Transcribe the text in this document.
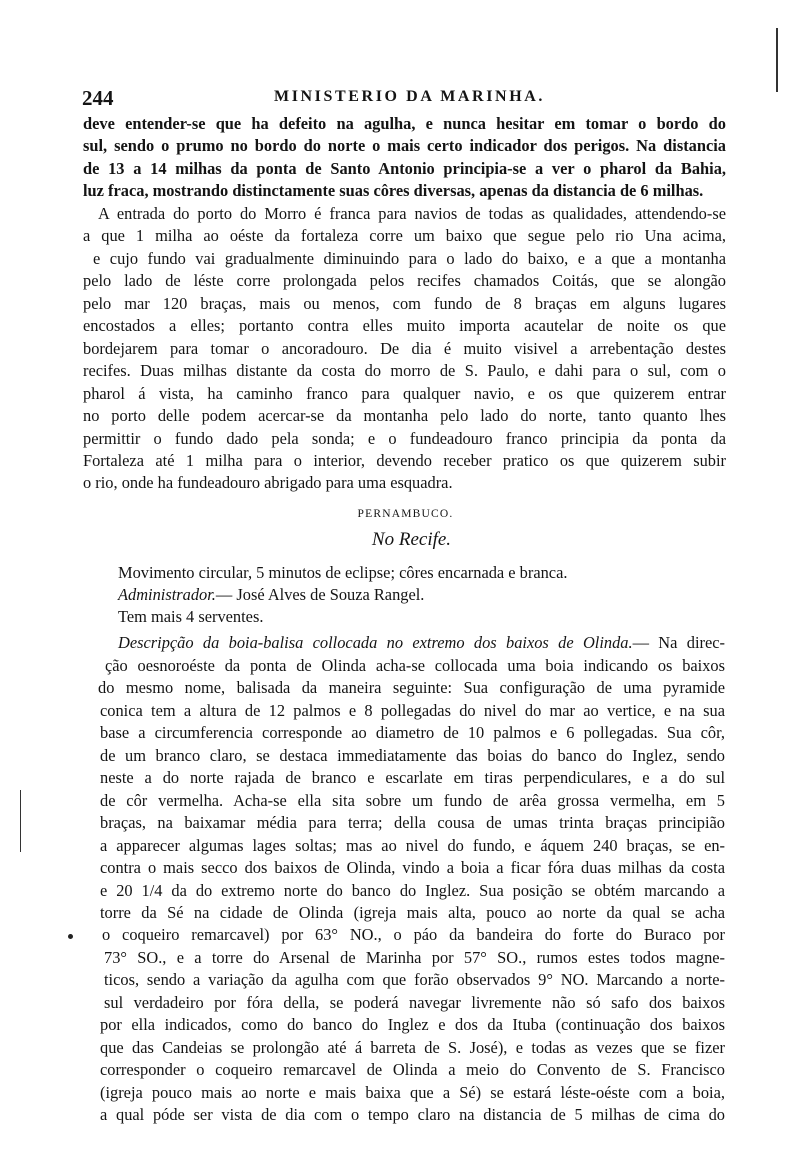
244	MINISTERIO DA MARINHA.
deve entender-se que ha defeito na agulha, e nunca hesitar em tomar o bordo do
sul, sendo o prumo no bordo do norte o mais certo indicador dos perigos. Na distancia
de 13 a 14 milhas da ponta de Santo Antonio principia-se a ver o pharol da Bahia,
luz fraca, mostrando distinctamente suas côres diversas, apenas da distancia de 6 milhas.
A entrada do porto do Morro é franca para navios de todas as qualidades, attendendo-se
a que 1 milha ao oéste da fortaleza corre um baixo que segue pelo rio Una acima,
e cujo fundo vai gradualmente diminuindo para o lado do baixo, e a que a montanha
pelo lado de léste corre prolongada pelos recifes chamados Coitás, que se alongão
pelo mar 120 braças, mais ou menos, com fundo de 8 braças em alguns lugares
encostados a elles; portanto contra elles muito importa acautelar de noite os que
bordejarem para tomar o ancoradouro. De dia é muito visivel a arrebentação destes
recifes. Duas milhas distante da costa do morro de S. Paulo, e dahi para o sul, com o
pharol á vista, ha caminho franco para qualquer navio, e os que quizerem entrar
no porto delle podem acercar-se da montanha pelo lado do norte, tanto quanto lhes
permittir o fundo dado pela sonda; e o fundeadouro franco principia da ponta da
Fortaleza até 1 milha para o interior, devendo receber pratico os que quizerem subir
o rio, onde ha fundeadouro abrigado para uma esquadra.
PERNAMBUCO.
No Recife.
Movimento circular, 5 minutos de eclipse; côres encarnada e branca.
Administrador.— José Alves de Souza Rangel.
Tem mais 4 serventes.
Descripção da boia-balisa collocada no extremo dos baixos de Olinda.— Na direc-
ção oesnoroéste da ponta de Olinda acha-se collocada uma boia indicando os baixos
do mesmo nome, balisada da maneira seguinte: Sua configuração de uma pyramide
conica tem a altura de 12 palmos e 8 pollegadas do nivel do mar ao vertice, e na sua
base a circumferencia corresponde ao diametro de 10 palmos e 6 pollegadas. Sua côr,
de um branco claro, se destaca immediatamente das boias do banco do Inglez, sendo
neste a do norte rajada de branco e escarlate em tiras perpendiculares, e a do sul
de côr vermelha. Acha-se ella sita sobre um fundo de arêa grossa vermelha, em 5
braças, na baixamar média para terra; della cousa de umas trinta braças principião
a apparecer algumas lages soltas; mas ao nivel do fundo, e áquem 240 braças, se en-
contra o mais secco dos baixos de Olinda, vindo a boia a ficar fóra duas milhas da costa
e 20 1/4 da do extremo norte do banco do Inglez. Sua posição se obtém marcando a
torre da Sé na cidade de Olinda (igreja mais alta, pouco ao norte da qual se acha
o coqueiro remarcavel) por 63° NO., o páo da bandeira do forte do Buraco por
73° SO., e a torre do Arsenal de Marinha por 57° SO., rumos estes todos magne-
ticos, sendo a variação da agulha com que forão observados 9° NO. Marcando a norte-
sul verdadeiro por fóra della, se poderá navegar livremente não só safo dos baixos
por ella indicados, como do banco do Inglez e dos da Ituba (continuação dos baixos
que das Candeias se prolongão até á barreta de S. José), e todas as vezes que se fizer
corresponder o coqueiro remarcavel de Olinda a meio do Convento de S. Francisco
(igreja pouco mais ao norte e mais baixa que a Sé) se estará léste-oéste com a boia,
a qual póde ser vista de dia com o tempo claro na distancia de 5 milhas de cima do
